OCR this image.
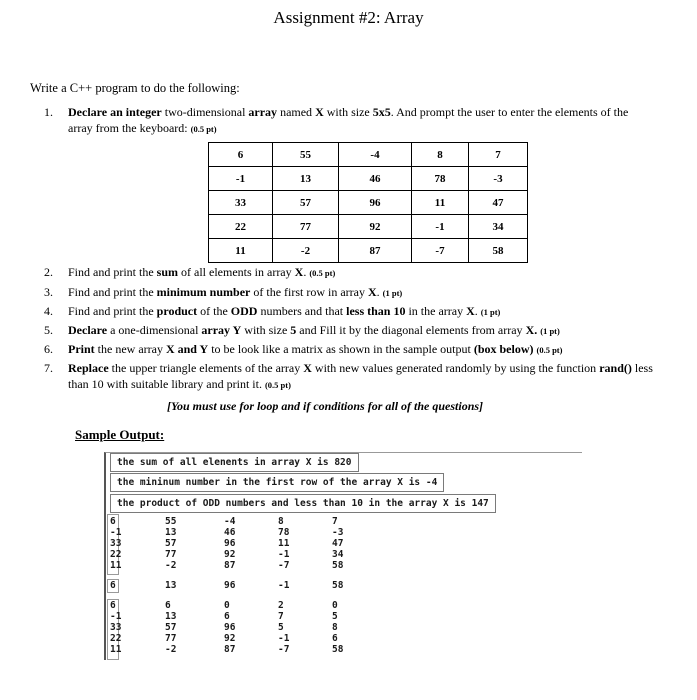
Assignment #2: Array
Write a C++ program to do the following:
1.	Declare an integer two-dimensional array named X with size 5x5. And prompt the user to enter the elements of the array from the keyboard: (0.5 pt)
6	55	-4	8	7
-1	13	46	78	-3
33	57	96	11	47
22	77	92	-1	34
11	-2	87	-7	58
2.	Find and print the sum of all elements in array X. (0.5 pt)
3.	Find and print the minimum number of the first row in array X. (1 pt)
4.	Find and print the product of the ODD numbers and that less than 10 in the array X. (1 pt)
5.	Declare a one-dimensional array Y with size 5 and Fill it by the diagonal elements from array X. (1 pt)
6.	Print the new array X and Y to be look like a matrix as shown in the sample output (box below) (0.5 pt)
7.	Replace the upper triangle elements of the array X with new values generated randomly by using the function rand() less than 10 with suitable library and print it. (0.5 pt)
[You must use for loop and if conditions for all of the questions]
Sample Output:
the sum of all elenents in array X is 820
the mininum number in the first row of the array X is -4
the product of ODD numbers and less than 10 in the array X is 147
6	55	-4	8	7
-1	13	46	78	-3
33	57	96	11	47
22	77	92	-1	34
11	-2	87	-7	58
6	13	96	-1	58
6	6	0	2	0
-1	13	6	7	5
33	57	96	5	8
22	77	92	-1	6
11	-2	87	-7	58
